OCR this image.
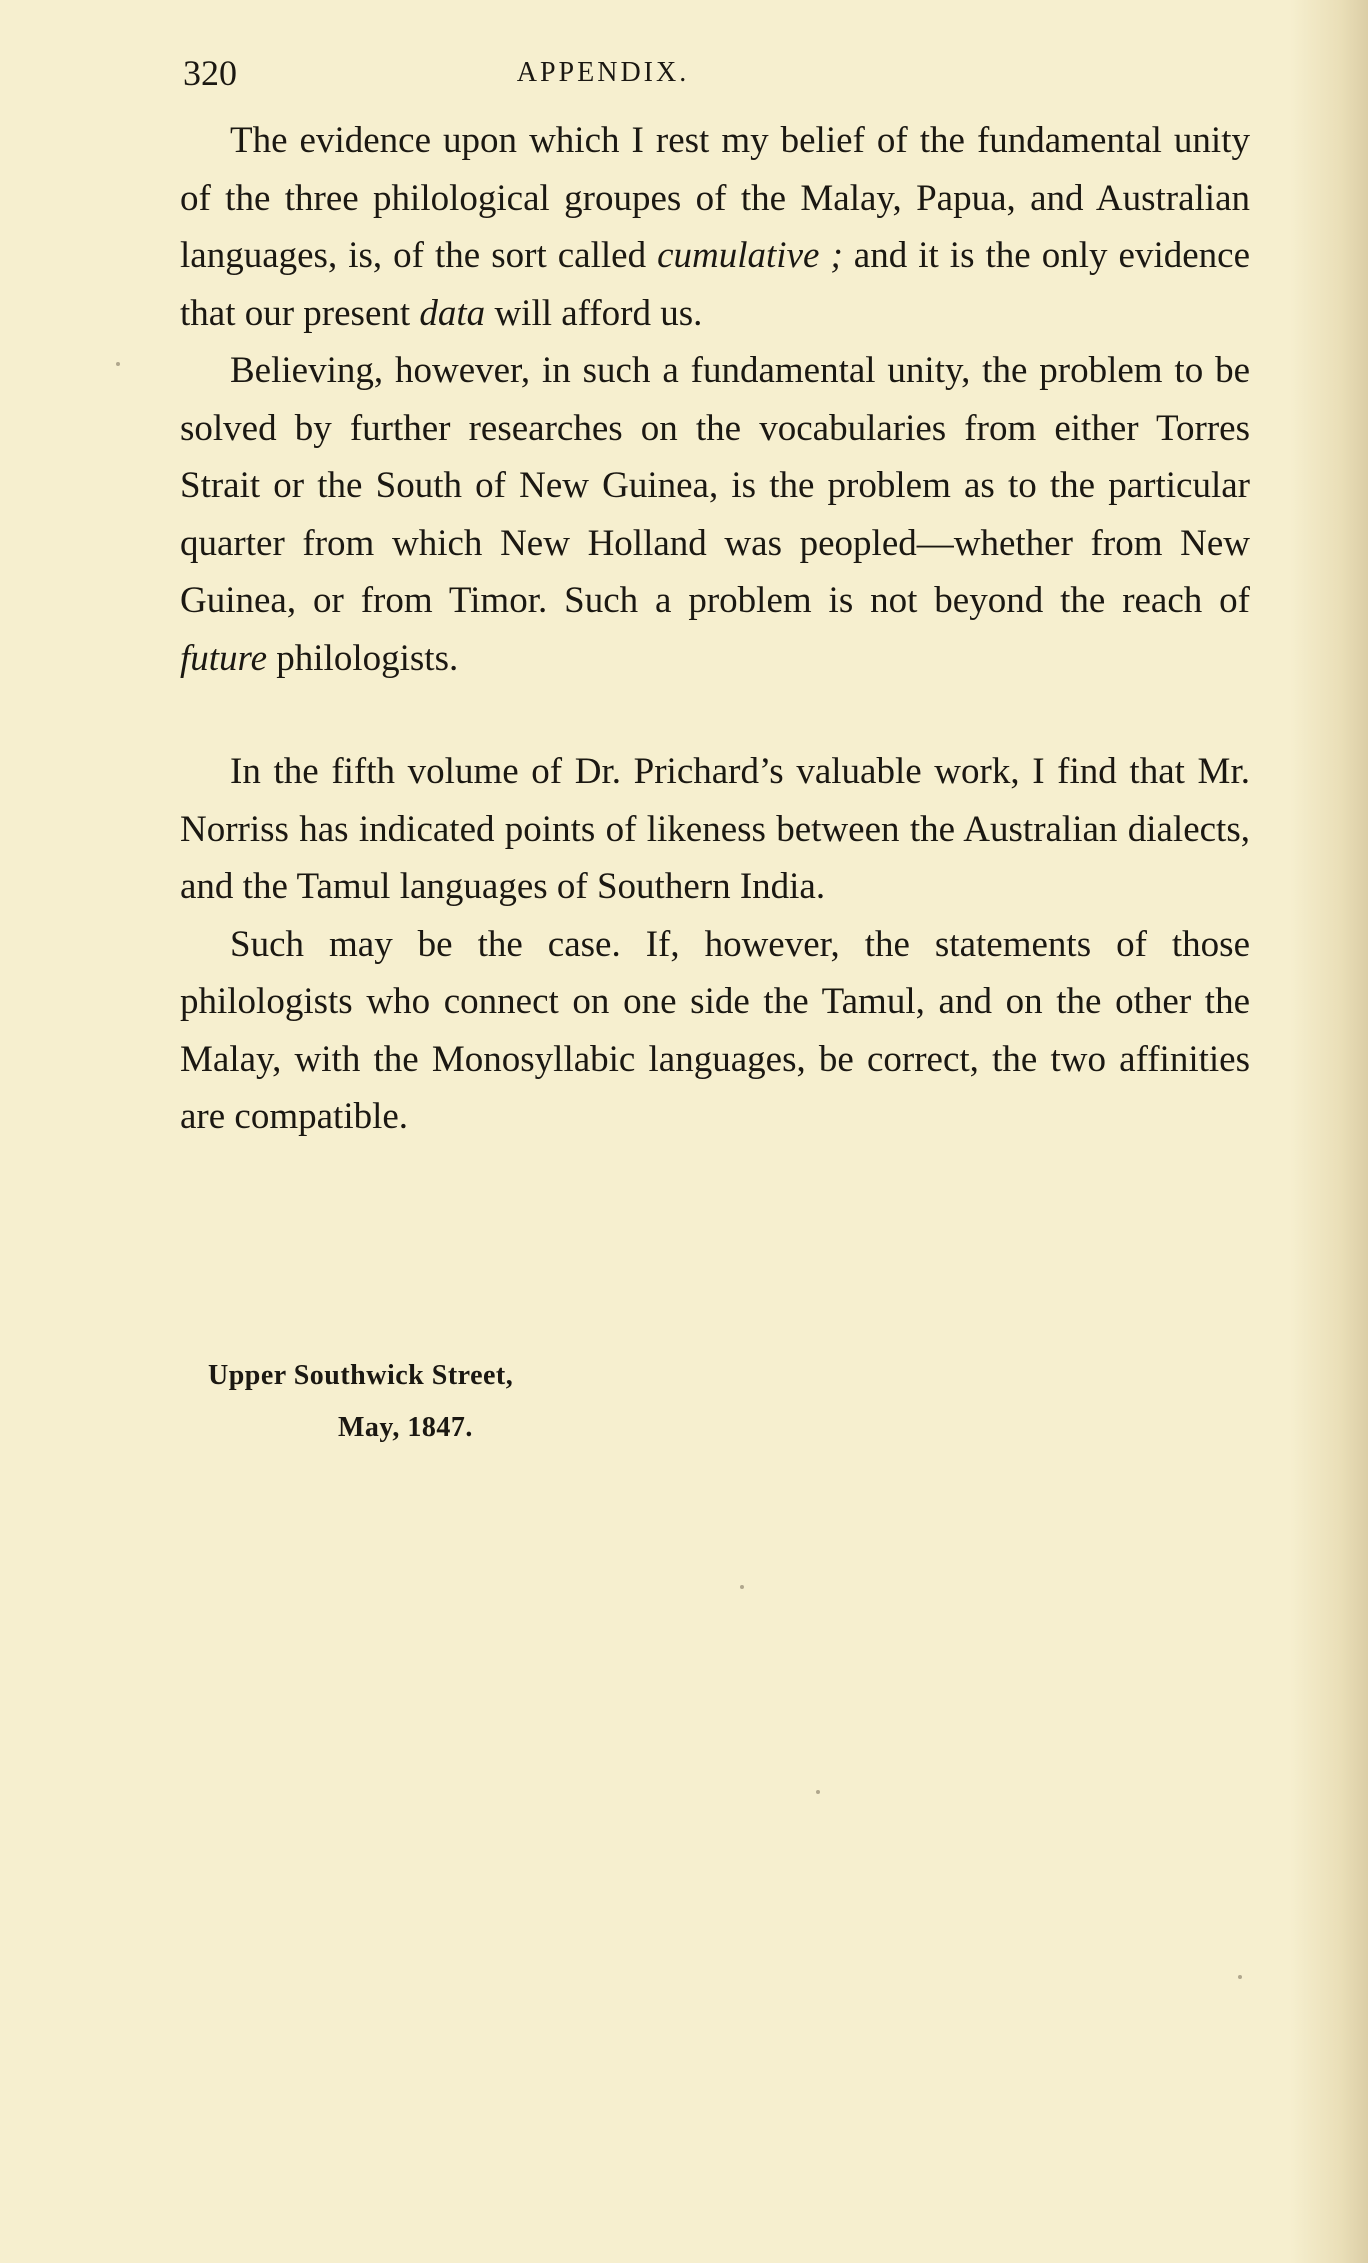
320	APPENDIX.

The evidence upon which I rest my belief of the fundamental unity of the three philological groupes of the Malay, Papua, and Australian languages, is, of the sort called cumulative ; and it is the only evidence that our present data will afford us.

Believing, however, in such a fundamental unity, the problem to be solved by further researches on the vocabularies from either Torres Strait or the South of New Guinea, is the problem as to the particular quarter from which New Holland was peopled—whether from New Guinea, or from Timor. Such a problem is not beyond the reach of future philologists.

In the fifth volume of Dr. Prichard’s valuable work, I find that Mr. Norriss has indicated points of likeness between the Australian dialects, and the Tamul languages of Southern India.

Such may be the case. If, however, the statements of those philologists who connect on one side the Tamul, and on the other the Malay, with the Monosyllabic languages, be correct, the two affinities are compatible.

Upper Southwick Street,
May, 1847.
